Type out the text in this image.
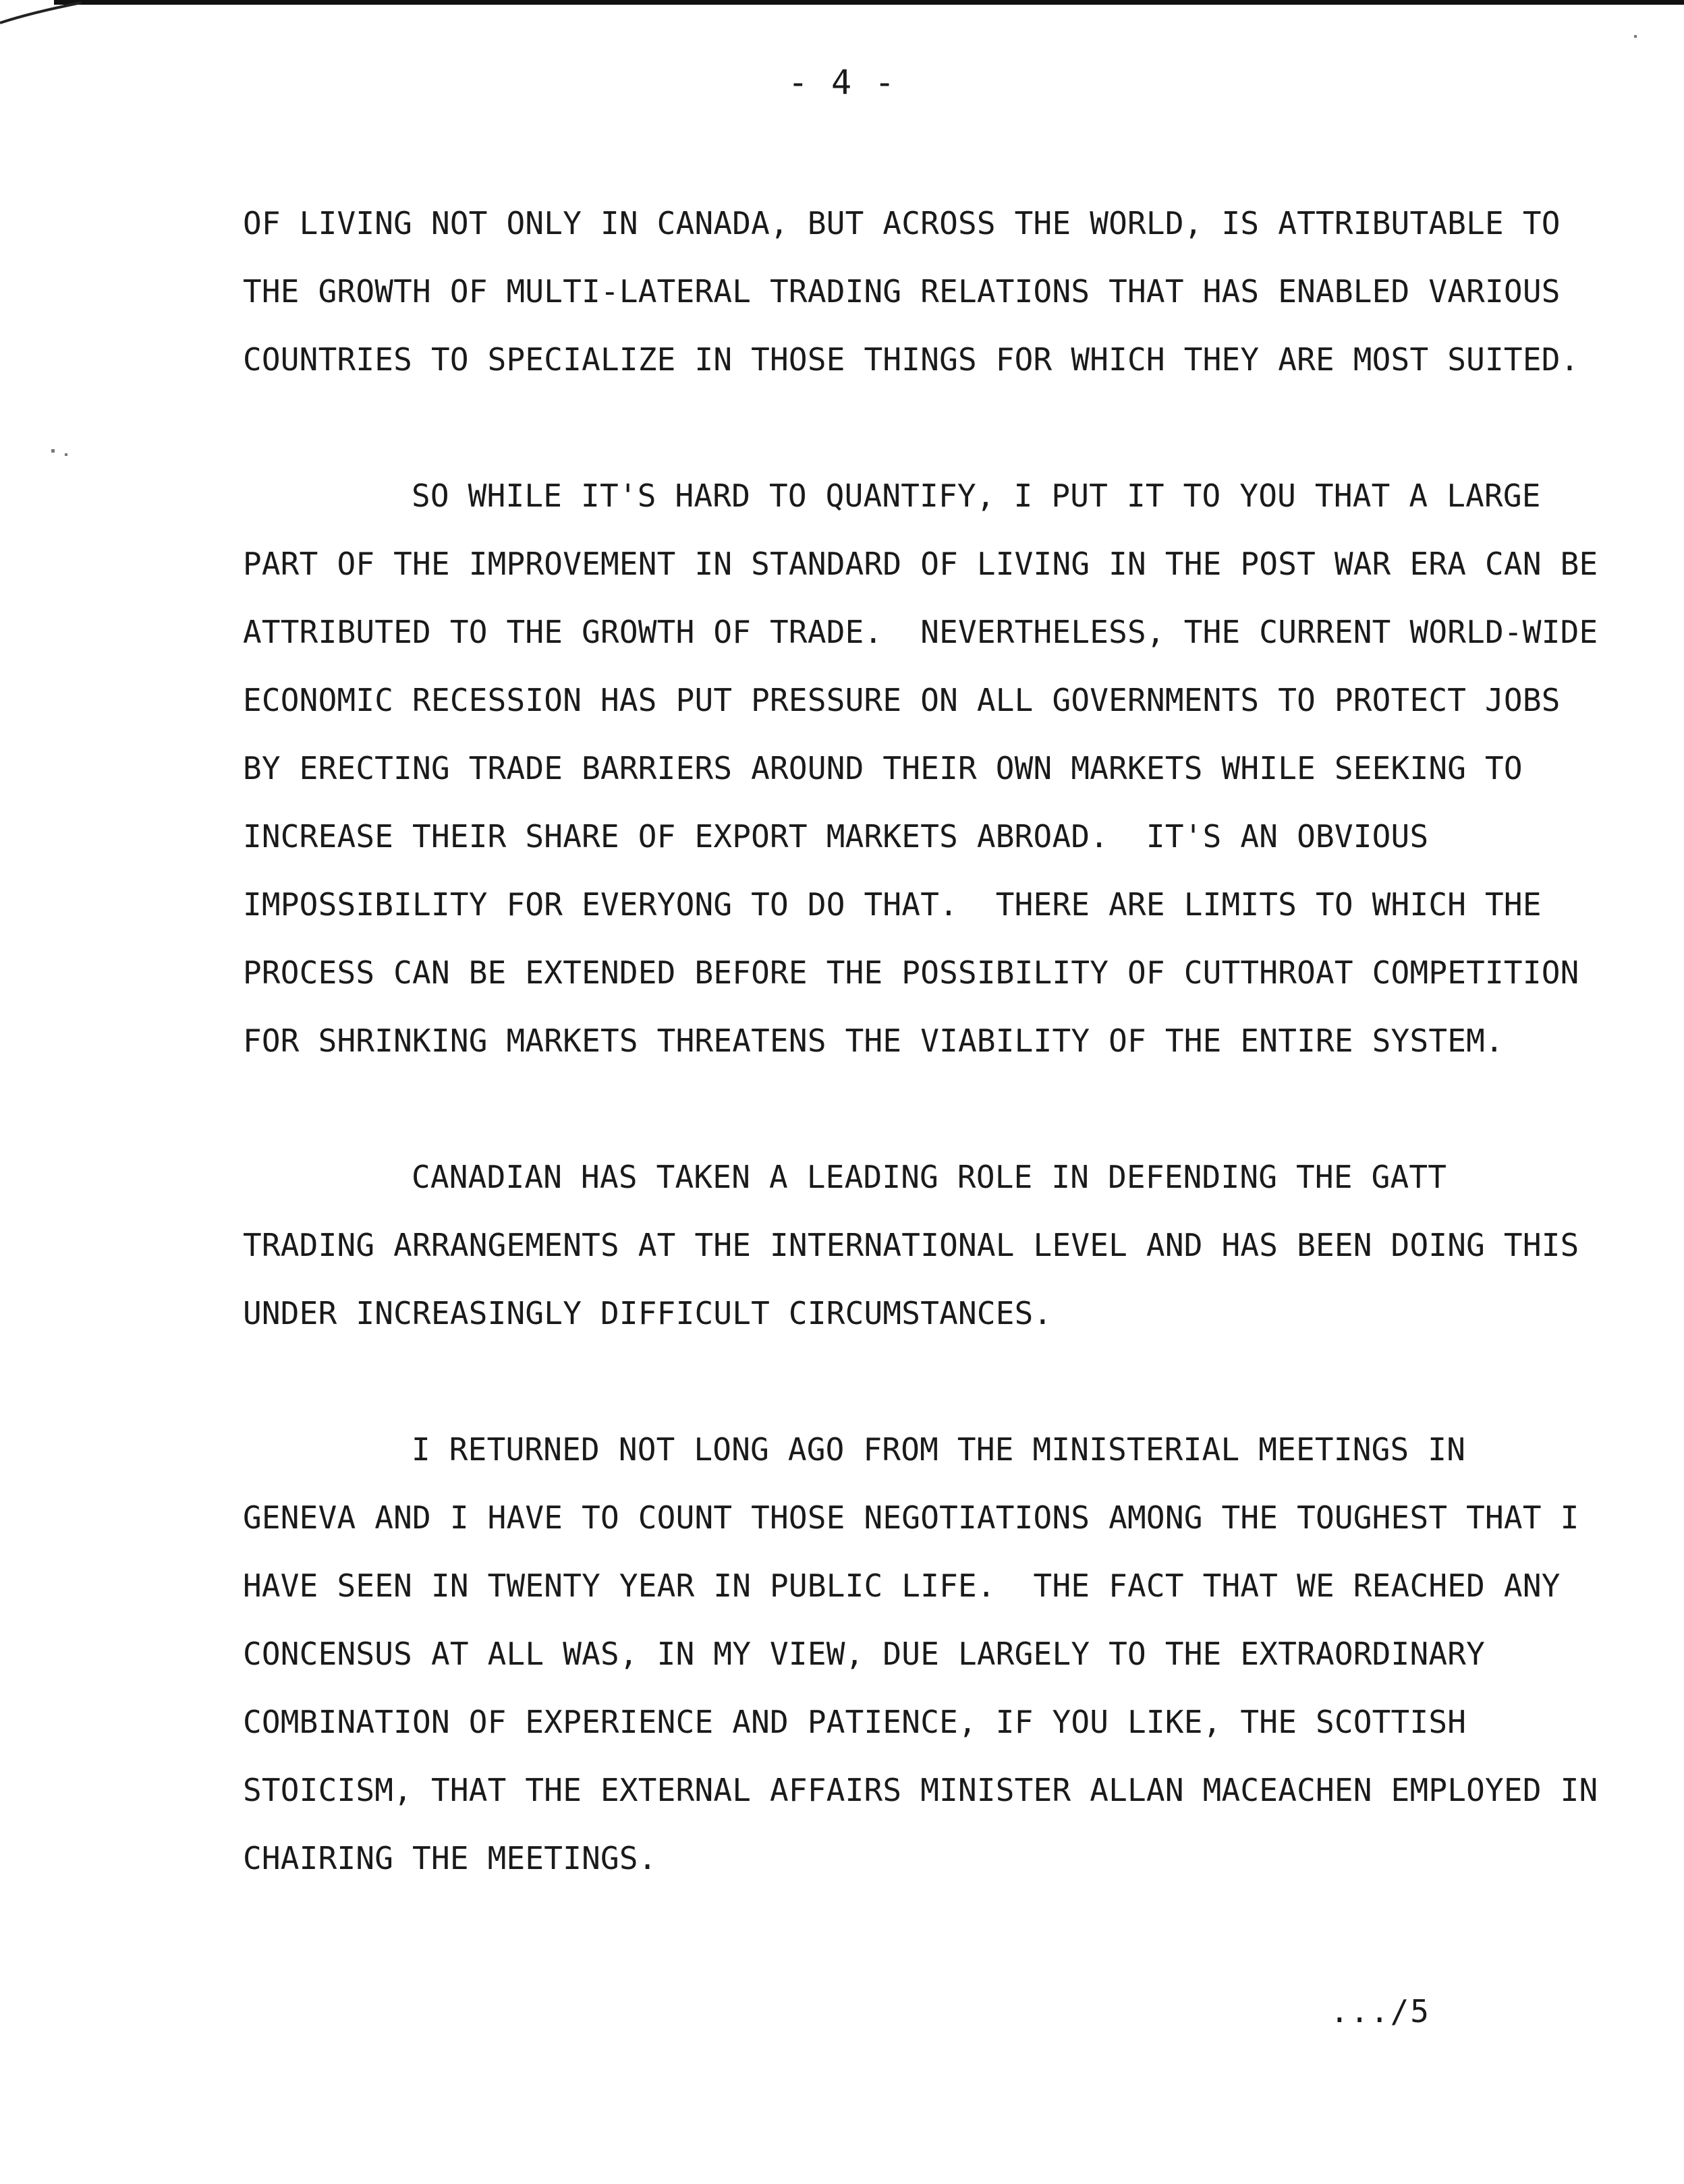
- 4 -
OF LIVING NOT ONLY IN CANADA, BUT ACROSS THE WORLD, IS ATTRIBUTABLE TO
THE GROWTH OF MULTI-LATERAL TRADING RELATIONS THAT HAS ENABLED VARIOUS
COUNTRIES TO SPECIALIZE IN THOSE THINGS FOR WHICH THEY ARE MOST SUITED.
SO WHILE IT'S HARD TO QUANTIFY, I PUT IT TO YOU THAT A LARGE
PART OF THE IMPROVEMENT IN STANDARD OF LIVING IN THE POST WAR ERA CAN BE
ATTRIBUTED TO THE GROWTH OF TRADE.  NEVERTHELESS, THE CURRENT WORLD-WIDE
ECONOMIC RECESSION HAS PUT PRESSURE ON ALL GOVERNMENTS TO PROTECT JOBS
BY ERECTING TRADE BARRIERS AROUND THEIR OWN MARKETS WHILE SEEKING TO
INCREASE THEIR SHARE OF EXPORT MARKETS ABROAD.  IT'S AN OBVIOUS
IMPOSSIBILITY FOR EVERYONG TO DO THAT.  THERE ARE LIMITS TO WHICH THE
PROCESS CAN BE EXTENDED BEFORE THE POSSIBILITY OF CUTTHROAT COMPETITION
FOR SHRINKING MARKETS THREATENS THE VIABILITY OF THE ENTIRE SYSTEM.
CANADIAN HAS TAKEN A LEADING ROLE IN DEFENDING THE GATT
TRADING ARRANGEMENTS AT THE INTERNATIONAL LEVEL AND HAS BEEN DOING THIS
UNDER INCREASINGLY DIFFICULT CIRCUMSTANCES.
I RETURNED NOT LONG AGO FROM THE MINISTERIAL MEETINGS IN
GENEVA AND I HAVE TO COUNT THOSE NEGOTIATIONS AMONG THE TOUGHEST THAT I
HAVE SEEN IN TWENTY YEAR IN PUBLIC LIFE.  THE FACT THAT WE REACHED ANY
CONCENSUS AT ALL WAS, IN MY VIEW, DUE LARGELY TO THE EXTRAORDINARY
COMBINATION OF EXPERIENCE AND PATIENCE, IF YOU LIKE, THE SCOTTISH
STOICISM, THAT THE EXTERNAL AFFAIRS MINISTER ALLAN MACEACHEN EMPLOYED IN
CHAIRING THE MEETINGS.
.../5
